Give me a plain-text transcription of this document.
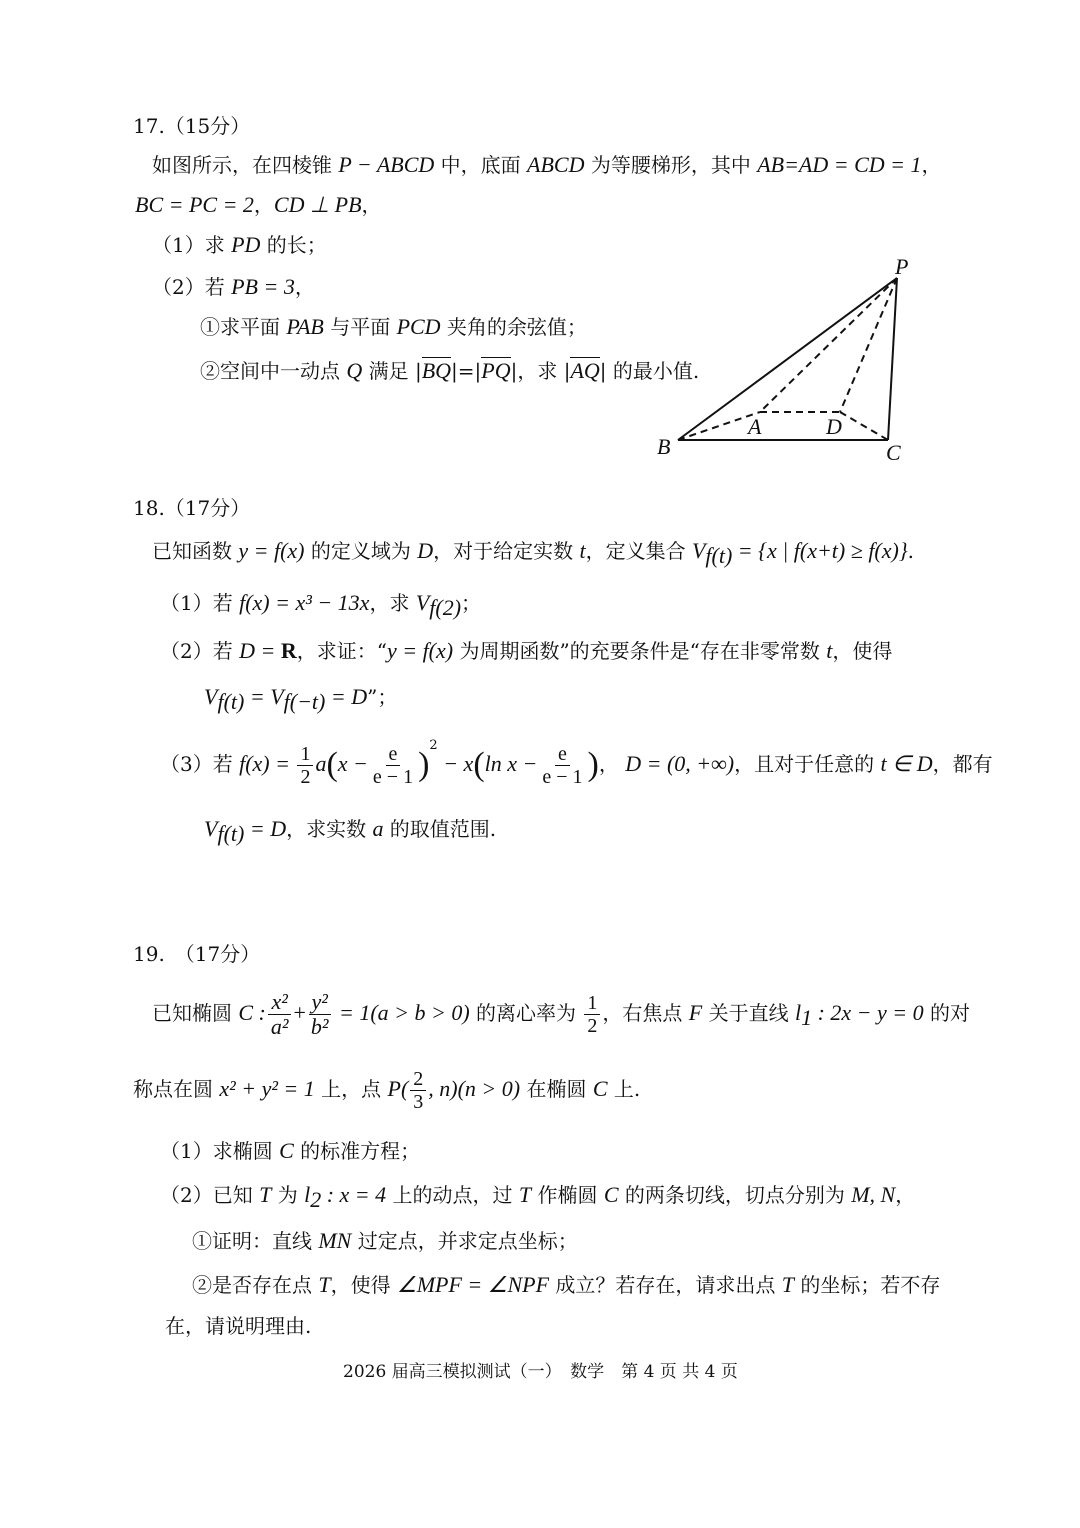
17.（15分）
如图所示，在四棱锥 P − ABCD 中，底面 ABCD 为等腰梯形，其中 AB=AD = CD = 1，
BC = PC = 2，CD ⊥ PB，
（1）求 PD 的长；
（2）若 PB = 3，
①求平面 PAB 与平面 PCD 夹角的余弦值；
②空间中一动点 Q 满足 |BQ|=|PQ|，求 |AQ| 的最小值.
P
A	D
B	C
18.（17分）
已知函数 y = f(x) 的定义域为 D，对于给定实数 t，定义集合 $V_{f(t)} = \{x$ | f(x+t) ≥ f(x)}.
（1）若 f(x) = x³ − 13x，求 $V_{f(2)}$；
（2）若 D = R，求证：“y = f(x) 为周期函数”的充要条件是“存在非零常数 t，使得
$V_{f(t)} = V_{f(-t)} = D$”；
（3）若 $f(x) = \frac{1}{2} a(x - \frac{e}{e - 1} )^2 - x(\ln$ $x - \frac{e}{e - 1}$ )， D = (0, +∞)，且对于任意的 t ∈ D，都有
$V_{f(t)} = D$，求实数 a 的取值范围.
19.　（17分）
已知椭圆 C : $\frac{\text{x²}}{\text{a²}} + \frac{\text{y²}}{\text{b²}} = 1(a > b > 0)$ 的离心率为 $\frac{1}{2}$ ，右焦点 F 关于直线 $l_1$ : 2x − y = 0 的对
称点在圆 x² + y² = 1 上，点 $P( \frac{2}{3}$ , n)(n > 0) 在椭圆 C 上.
（1）求椭圆 C 的标准方程；
（2）已知 T 为 $l_2$ : x = 4 上的动点，过 T 作椭圆 C 的两条切线，切点分别为 M, N，
①证明：直线 MN 过定点，并求定点坐标；
②是否存在点 T，使得 ∠MPF = ∠NPF 成立？若存在，请求出点 T 的坐标；若不存
在，请说明理由.
2026 届高三模拟测试（一）　数学　第 4 页 共 4 页
